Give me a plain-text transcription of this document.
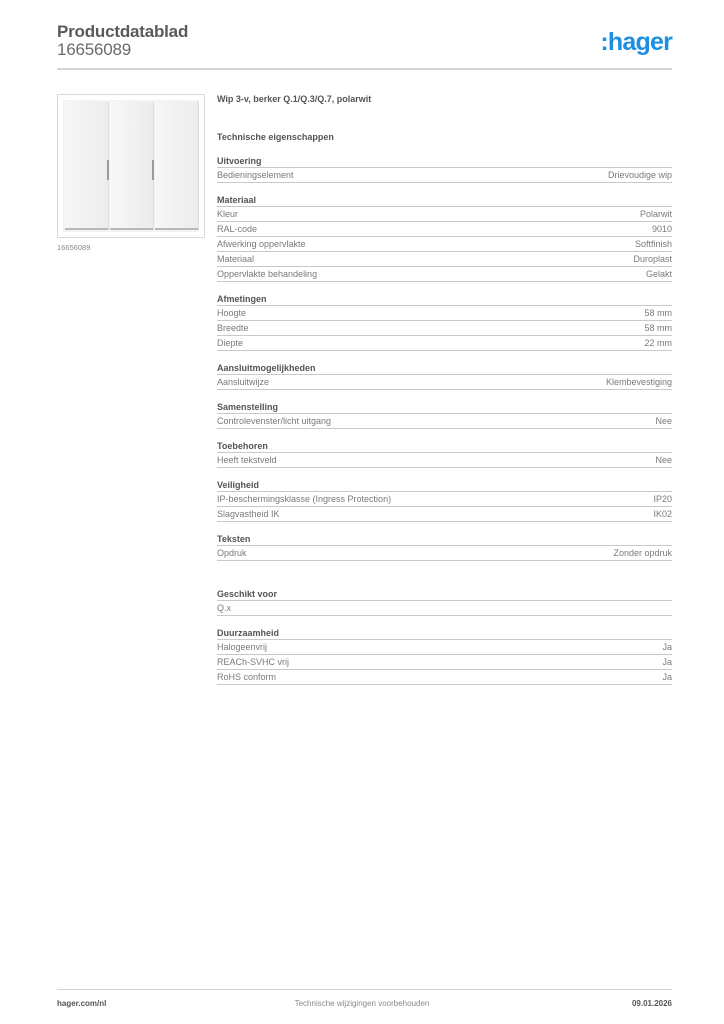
Productdatablad
16656089	:hager
16656089
Wip 3-v, berker Q.1/Q.3/Q.7, polarwit
Technische eigenschappen
Uitvoering
Bedieningselement	Drievoudige wip
Materiaal
Kleur	Polarwit
RAL-code	9010
Afwerking oppervlakte	Softfinish
Materiaal	Duroplast
Oppervlakte behandeling	Gelakt
Afmetingen
Hoogte	58 mm
Breedte	58 mm
Diepte	22 mm
Aansluitmogelijkheden
Aansluitwijze	Klembevestiging
Samenstelling
Controlevenster/licht uitgang	Nee
Toebehoren
Heeft tekstveld	Nee
Veiligheid
IP-beschermingsklasse (Ingress Protection)	IP20
Slagvastheid IK	IK02
Teksten
Opdruk	Zonder opdruk
Geschikt voor
Q.x
Duurzaamheid
Halogeenvrij	Ja
REACh-SVHC vrij	Ja
RoHS conform	Ja
hager.com/nl	Technische wijzigingen voorbehouden	09.01.2026
